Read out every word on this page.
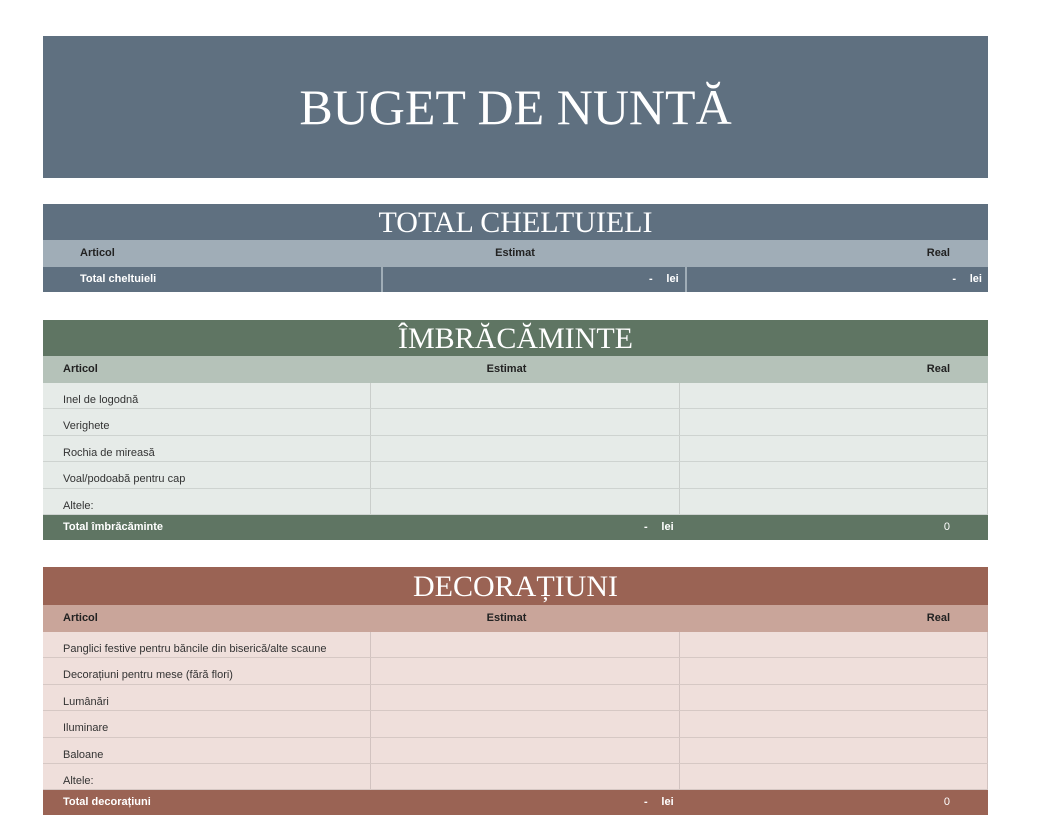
BUGET DE NUNTĂ
TOTAL CHELTUIELI
Articol	Estimat	Real
Total cheltuieli	- lei	- lei
ÎMBRĂCĂMINTE
Articol	Estimat	Real
Inel de logodnă
Verighete
Rochia de mireasă
Voal/podoabă pentru cap
Altele:
Total îmbrăcăminte	- lei	0
DECORAȚIUNI
Articol	Estimat	Real
Panglici festive pentru băncile din biserică/alte scaune
Decorațiuni pentru mese (fără flori)
Lumânări
Iluminare
Baloane
Altele:
Total decorațiuni	- lei	0
